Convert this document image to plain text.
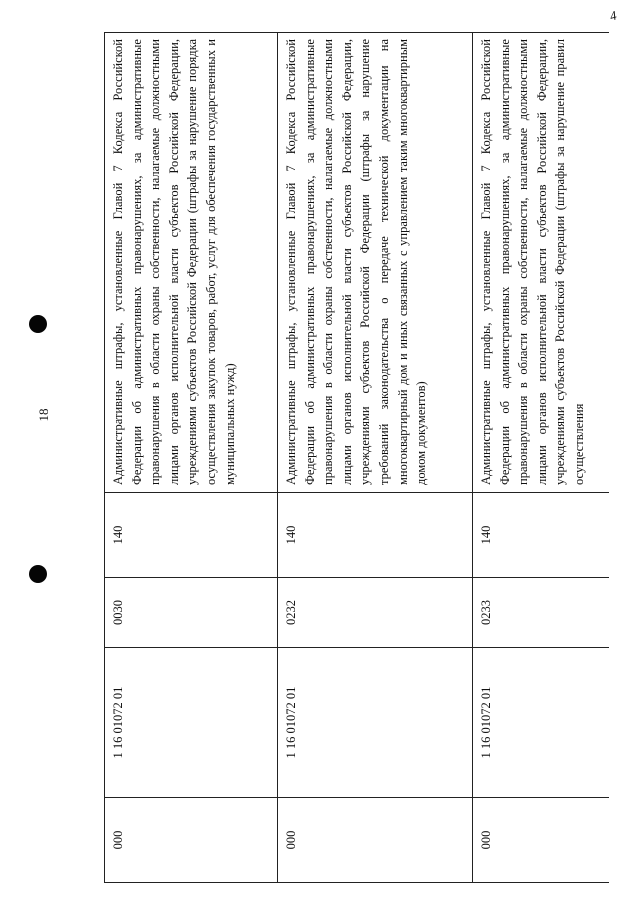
18
4
000	1 16 01072 01	0030	140	Административные штрафы, установленные Главой 7 Кодекса Российской Федерации об административных правонарушениях, за административные правонарушения в области охраны собственности, налагаемые должностными лицами органов исполнительной власти субъектов Российской Федерации, учреждениями субъектов Российской Федерации (штрафы за нарушение порядка осуществления закупок товаров, работ, услуг для обеспечения государственных и муниципальных нужд)
000	1 16 01072 01	0232	140	Административные штрафы, установленные Главой 7 Кодекса Российской Федерации об административных правонарушениях, за административные правонарушения в области охраны собственности, налагаемые должностными лицами органов исполнительной власти субъектов Российской Федерации, учреждениями субъектов Российской Федерации (штрафы за нарушение требований законодательства о передаче технической документации на многоквартирный дом и иных связанных с управлением таким многоквартирным домом документов)
000	1 16 01072 01	0233	140	Административные штрафы, установленные Главой 7 Кодекса Российской Федерации об административных правонарушениях, за административные правонарушения в области охраны собственности, налагаемые должностными лицами органов исполнительной власти субъектов Российской Федерации, учреждениями субъектов Российской Федерации (штрафы за нарушение правил осуществления
